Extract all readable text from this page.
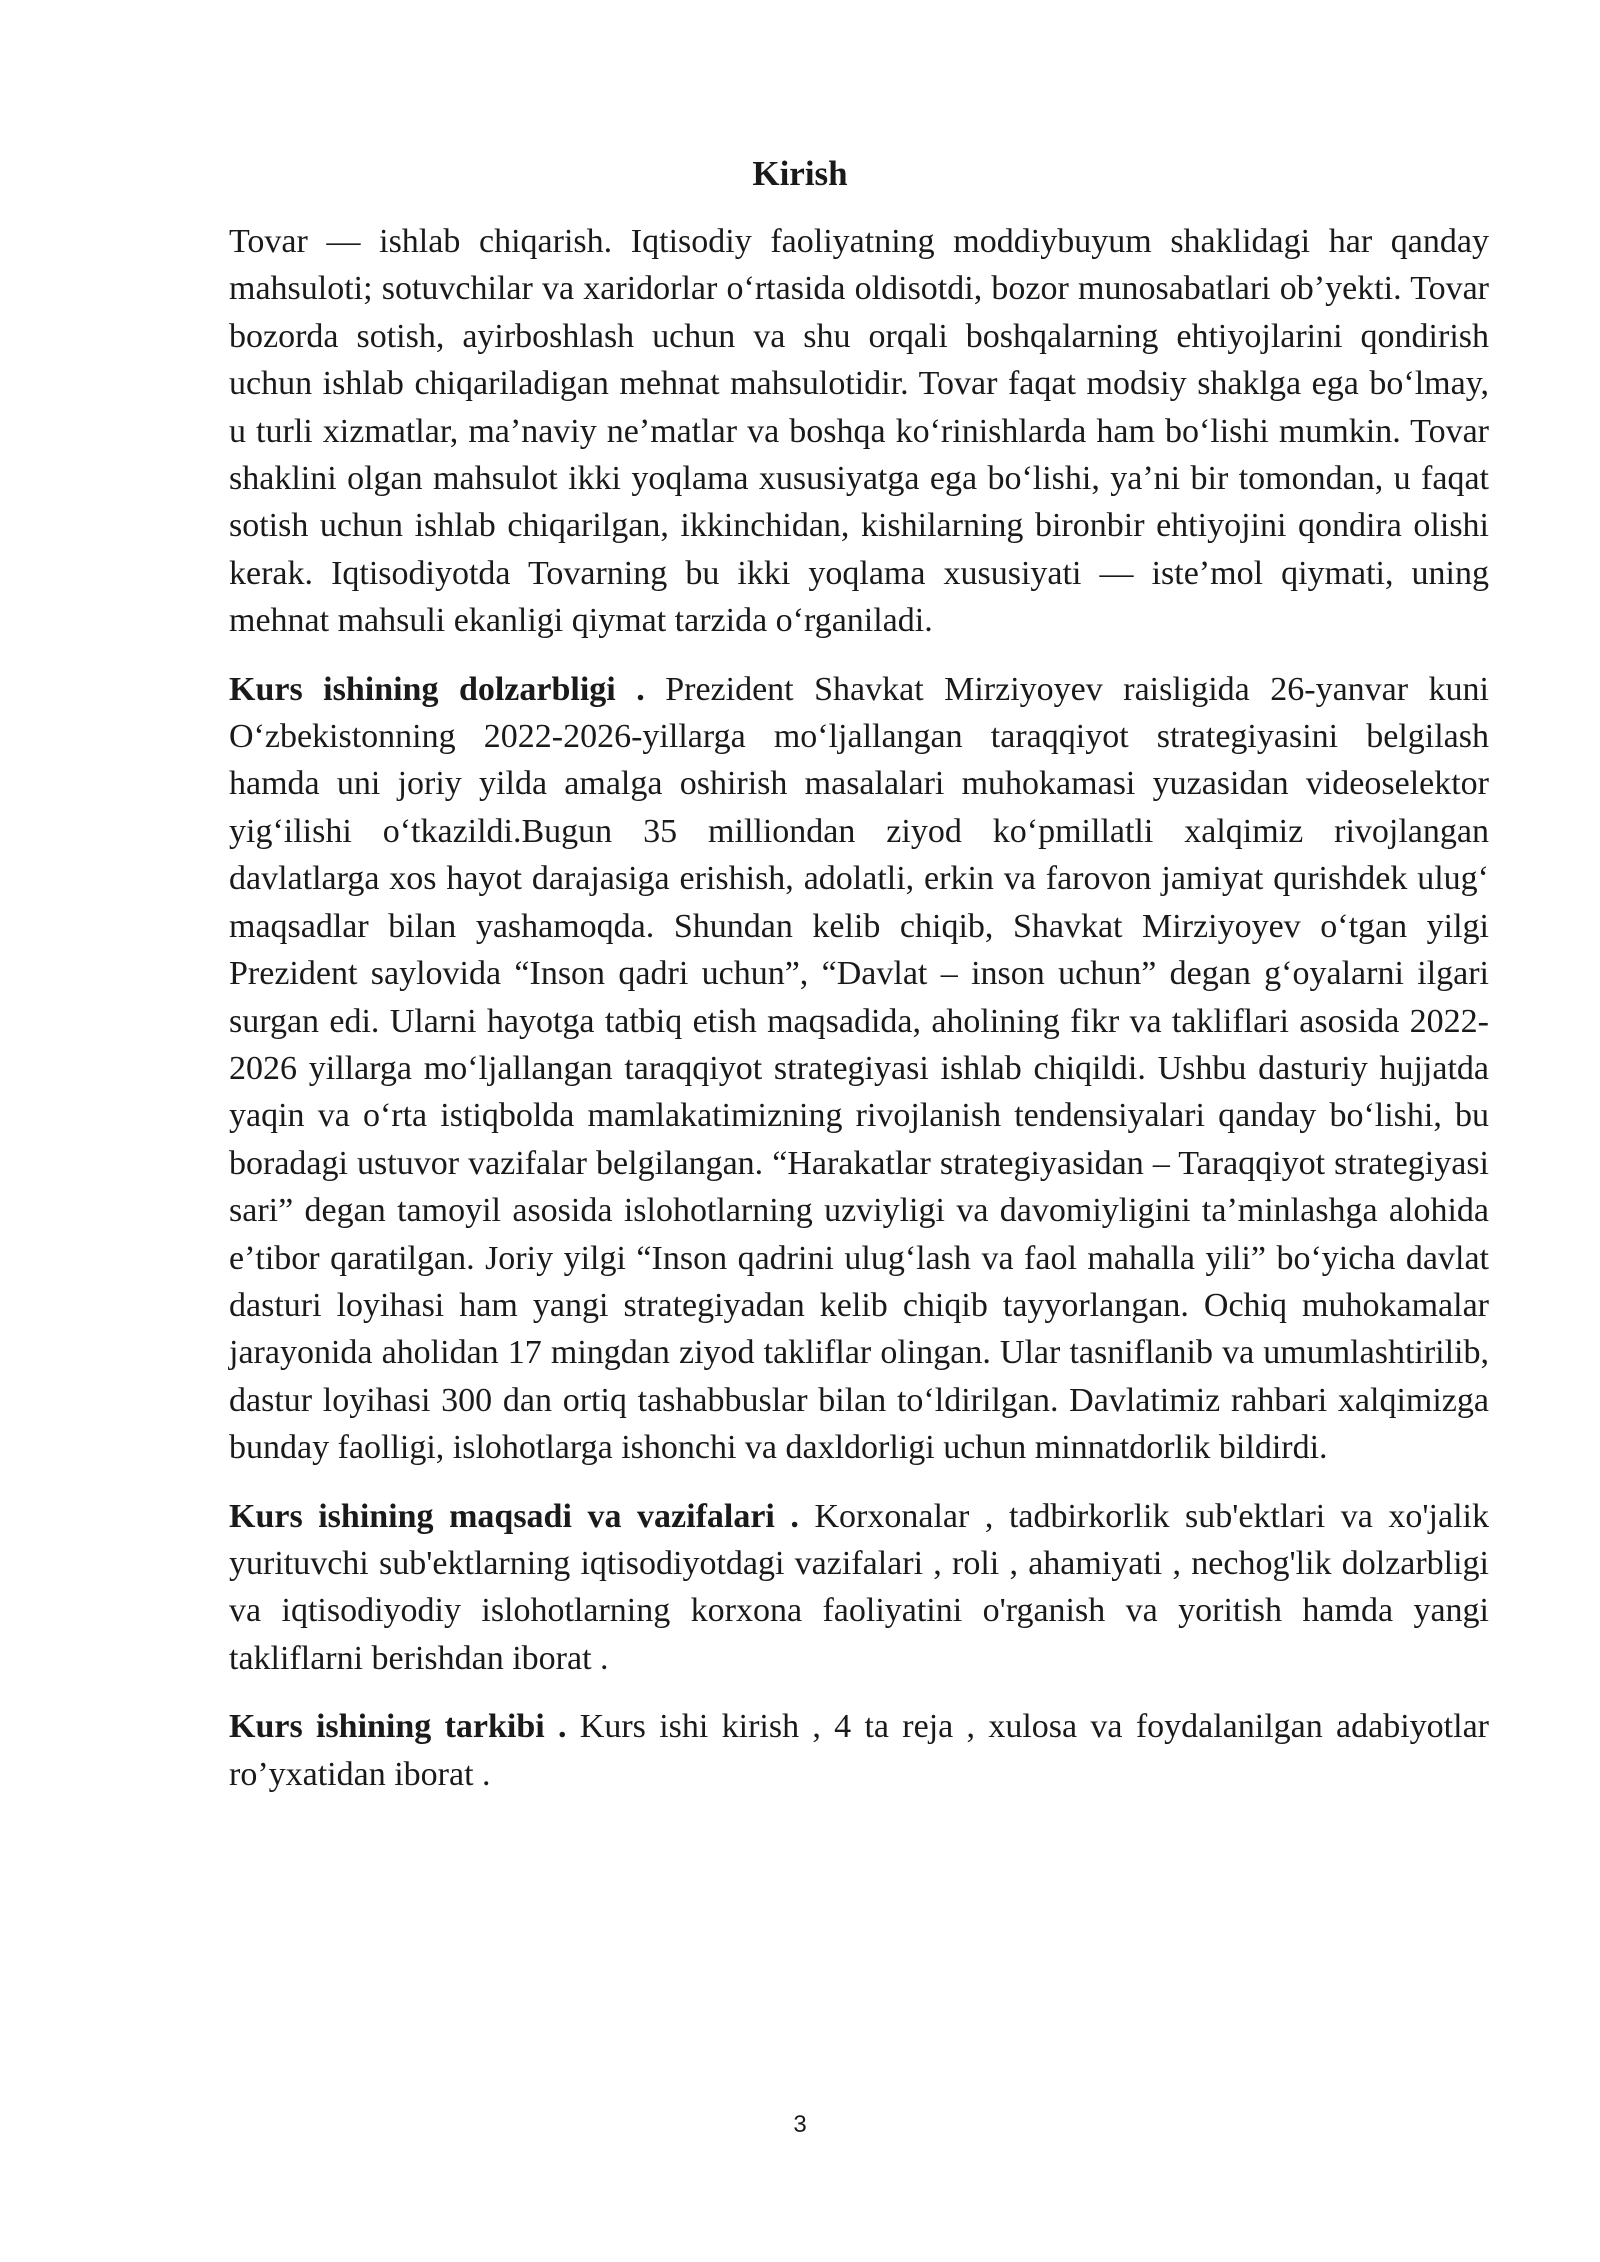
Kirish

Tovar — ishlab chiqarish. Iqtisodiy faoliyatning moddiybuyum shaklidagi har qanday mahsuloti; sotuvchilar va xaridorlar oʻrtasida oldisotdi, bozor munosabatlari obʼyekti. Tovar bozorda sotish, ayirboshlash uchun va shu orqali boshqalarning ehtiyojlarini qondirish uchun ishlab chiqariladigan mehnat mahsulotidir. Tovar faqat modsiy shaklga ega boʻlmay, u turli xizmatlar, maʼnaviy neʼmatlar va boshqa koʻrinishlarda ham boʻlishi mumkin. Tovar shaklini olgan mahsulot ikki yoqlama xususiyatga ega boʻlishi, yaʼni bir tomondan, u faqat sotish uchun ishlab chiqarilgan, ikkinchidan, kishilarning bironbir ehtiyojini qondira olishi kerak. Iqtisodiyotda Tovarning bu ikki yoqlama xususiyati — isteʼmol qiymati, uning mehnat mahsuli ekanligi qiymat tarzida oʻrganiladi.

Kurs ishining dolzarbligi . Prezident Shavkat Mirziyoyev raisligida 26-yanvar kuni Oʻzbekistonning 2022-2026-yillarga moʻljallangan taraqqiyot strategiyasini belgilash hamda uni joriy yilda amalga oshirish masalalari muhokamasi yuzasidan videoselektor yigʻilishi oʻtkazildi.Bugun 35 milliondan ziyod koʻpmillatli xalqimiz rivojlangan davlatlarga xos hayot darajasiga erishish, adolatli, erkin va farovon jamiyat qurishdek ulugʻ maqsadlar bilan yashamoqda. Shundan kelib chiqib, Shavkat Mirziyoyev oʻtgan yilgi Prezident saylovida “Inson qadri uchun”, “Davlat – inson uchun” degan gʻoyalarni ilgari surgan edi. Ularni hayotga tatbiq etish maqsadida, aholining fikr va takliflari asosida 2022-2026 yillarga moʻljallangan taraqqiyot strategiyasi ishlab chiqildi. Ushbu dasturiy hujjatda yaqin va oʻrta istiqbolda mamlakatimizning rivojlanish tendensiyalari qanday boʻlishi, bu boradagi ustuvor vazifalar belgilangan. “Harakatlar strategiyasidan – Taraqqiyot strategiyasi sari” degan tamoyil asosida islohotlarning uzviyligi va davomiyligini taʼminlashga alohida eʼtibor qaratilgan. Joriy yilgi “Inson qadrini ulugʻlash va faol mahalla yili” boʻyicha davlat dasturi loyihasi ham yangi strategiyadan kelib chiqib tayyorlangan. Ochiq muhokamalar jarayonida aholidan 17 mingdan ziyod takliflar olingan. Ular tasniflanib va umumlashtirilib, dastur loyihasi 300 dan ortiq tashabbuslar bilan toʻldirilgan. Davlatimiz rahbari xalqimizga bunday faolligi, islohotlarga ishonchi va daxldorligi uchun minnatdorlik bildirdi.

Kurs ishining maqsadi va vazifalari . Korxonalar , tadbirkorlik sub'ektlari va xo'jalik yurituvchi sub'ektlarning iqtisodiyotdagi vazifalari , roli , ahamiyati , nechog'lik dolzarbligi va iqtisodiyodiy islohotlarning korxona faoliyatini o'rganish va yoritish hamda yangi takliflarni berishdan iborat .

Kurs ishining tarkibi . Kurs ishi kirish , 4 ta reja , xulosa va foydalanilgan adabiyotlar ro’yxatidan iborat .

3
